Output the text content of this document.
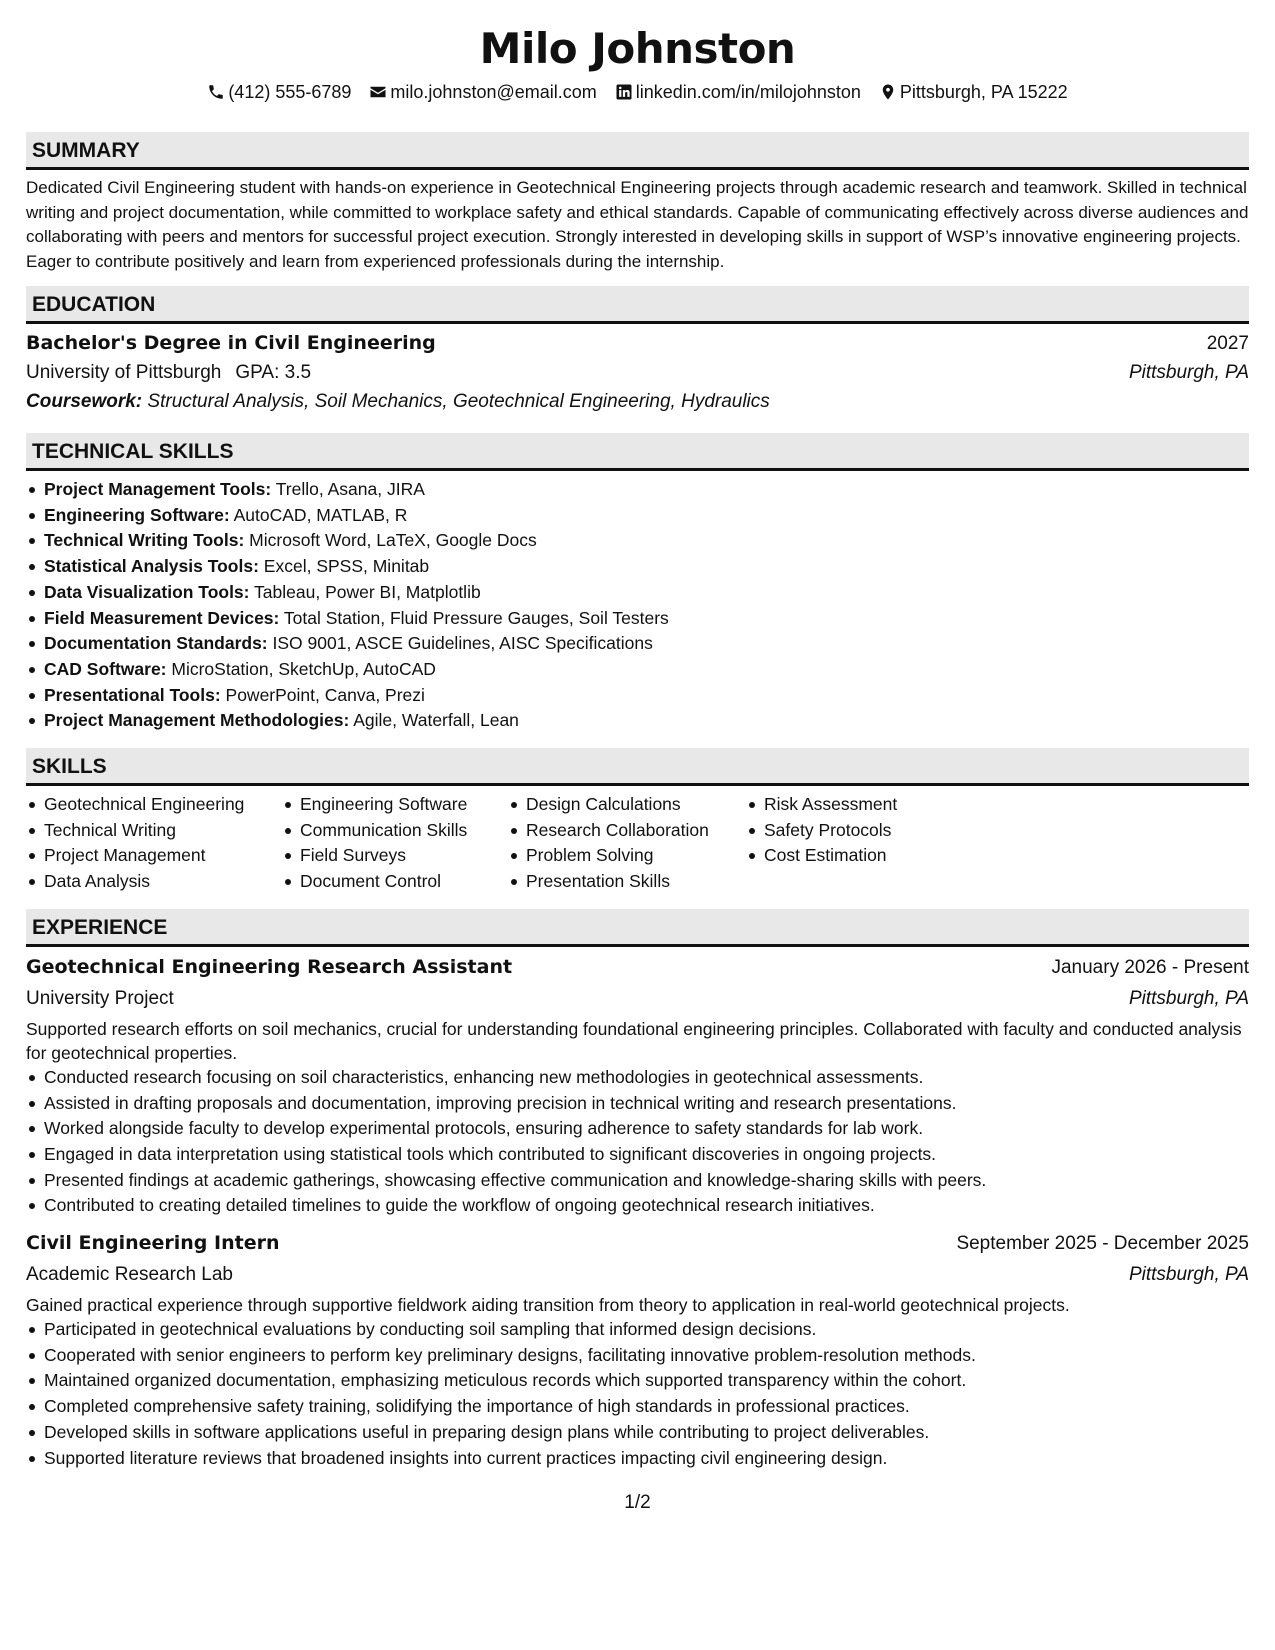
Milo Johnston
(412) 555-6789 milo.johnston@email.com linkedin.com/in/milojohnston Pittsburgh, PA 15222
SUMMARY

Dedicated Civil Engineering student with hands-on experience in Geotechnical Engineering projects through academic research and teamwork. Skilled in technical writing and project documentation, while committed to workplace safety and ethical standards. Capable of communicating effectively across diverse audiences and collaborating with peers and mentors for successful project execution. Strongly interested in developing skills in support of WSP’s innovative engineering projects. Eager to contribute positively and learn from experienced professionals during the internship.

EDUCATION
Bachelor's Degree in Civil Engineering	2027
University of Pittsburgh GPA: 3.5	Pittsburgh, PA
Coursework: Structural Analysis, Soil Mechanics, Geotechnical Engineering, Hydraulics
TECHNICAL SKILLS
Project Management Tools: Trello, Asana, JIRA
Engineering Software: AutoCAD, MATLAB, R
Technical Writing Tools: Microsoft Word, LaTeX, Google Docs
Statistical Analysis Tools: Excel, SPSS, Minitab
Data Visualization Tools: Tableau, Power BI, Matplotlib
Field Measurement Devices: Total Station, Fluid Pressure Gauges, Soil Testers
Documentation Standards: ISO 9001, ASCE Guidelines, AISC Specifications
CAD Software: MicroStation, SketchUp, AutoCAD
Presentational Tools: PowerPoint, Canva, Prezi
Project Management Methodologies: Agile, Waterfall, Lean
SKILLS
Geotechnical Engineering
Technical Writing
Project Management
Data Analysis
Engineering Software
Communication Skills
Field Surveys
Document Control
Design Calculations
Research Collaboration
Problem Solving
Presentation Skills
Risk Assessment
Safety Protocols
Cost Estimation
EXPERIENCE
Geotechnical Engineering Research Assistant	January 2026 - Present
University Project	Pittsburgh, PA
Supported research efforts on soil mechanics, crucial for understanding foundational engineering principles. Collaborated with faculty and conducted analysis for geotechnical properties.
Conducted research focusing on soil characteristics, enhancing new methodologies in geotechnical assessments.
Assisted in drafting proposals and documentation, improving precision in technical writing and research presentations.
Worked alongside faculty to develop experimental protocols, ensuring adherence to safety standards for lab work.
Engaged in data interpretation using statistical tools which contributed to significant discoveries in ongoing projects.
Presented findings at academic gatherings, showcasing effective communication and knowledge-sharing skills with peers.
Contributed to creating detailed timelines to guide the workflow of ongoing geotechnical research initiatives.
Civil Engineering Intern	September 2025 - December 2025
Academic Research Lab	Pittsburgh, PA
Gained practical experience through supportive fieldwork aiding transition from theory to application in real-world geotechnical projects.
Participated in geotechnical evaluations by conducting soil sampling that informed design decisions.
Cooperated with senior engineers to perform key preliminary designs, facilitating innovative problem-resolution methods.
Maintained organized documentation, emphasizing meticulous records which supported transparency within the cohort.
Completed comprehensive safety training, solidifying the importance of high standards in professional practices.
Developed skills in software applications useful in preparing design plans while contributing to project deliverables.
Supported literature reviews that broadened insights into current practices impacting civil engineering design.
1/2
